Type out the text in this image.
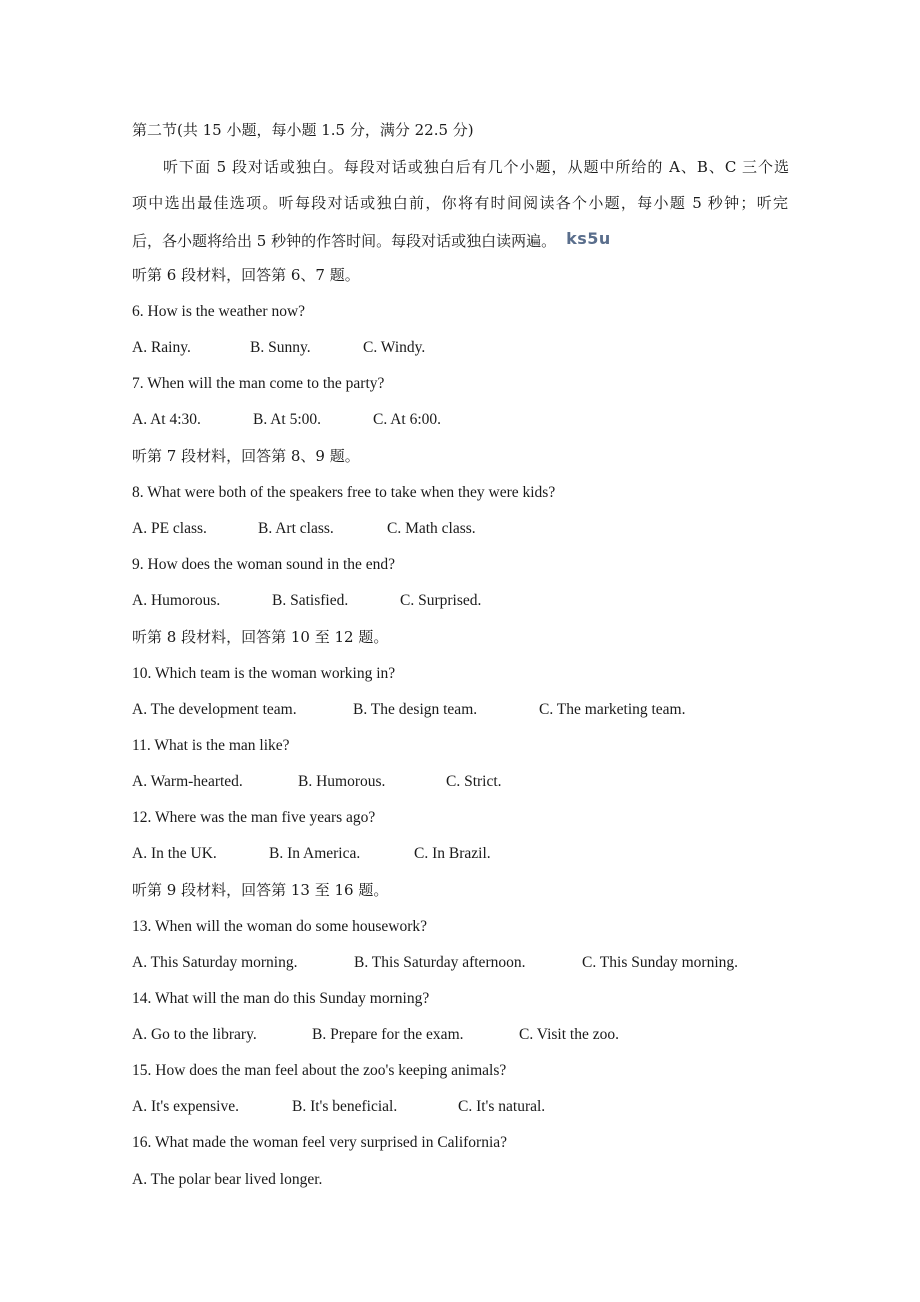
第二节(共 15 小题，每小题 1.5 分，满分 22.5 分)
听下面 5 段对话或独白。每段对话或独白后有几个小题，从题中所给的 A、B、C 三个选
项中选出最佳选项。听每段对话或独白前，你将有时间阅读各个小题，每小题 5 秒钟；听完
后，各小题将给出 5 秒钟的作答时间。每段对话或独白读两遍。 ks5u
听第 6 段材料，回答第 6、7 题。
6. How is the weather now?
A. Rainy.	B. Sunny.	C. Windy.
7. When will the man come to the party?
A. At 4:30.	B. At 5:00.	C. At 6:00.
听第 7 段材料，回答第 8、9 题。
8. What were both of the speakers free to take when they were kids?
A. PE class.	B. Art class.	C. Math class.
9. How does the woman sound in the end?
A. Humorous.	B. Satisfied.	C. Surprised.
听第 8 段材料，回答第 10 至 12 题。
10. Which team is the woman working in?
A. The development team.	B. The design team.	C. The marketing team.
11. What is the man like?
A. Warm-hearted.	B. Humorous.	C. Strict.
12. Where was the man five years ago?
A. In the UK.	B. In America.	C. In Brazil.
听第 9 段材料，回答第 13 至 16 题。
13. When will the woman do some housework?
A. This Saturday morning.	B. This Saturday afternoon.	C. This Sunday morning.
14. What will the man do this Sunday morning?
A. Go to the library.	B. Prepare for the exam.	C. Visit the zoo.
15. How does the man feel about the zoo's keeping animals?
A. It's expensive.	B. It's beneficial.	C. It's natural.
16. What made the woman feel very surprised in California?
A. The polar bear lived longer.
